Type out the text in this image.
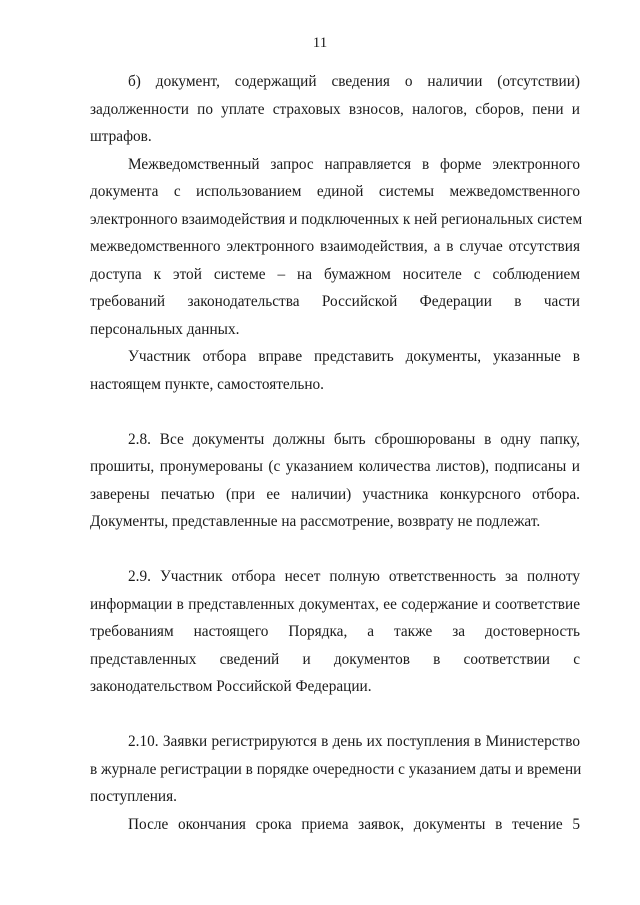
11
б) документ, содержащий сведения о наличии (отсутствии)
задолженности по уплате страховых взносов, налогов, сборов, пени и
штрафов.
Межведомственный запрос направляется в форме электронного
документа с использованием единой системы межведомственного
электронного взаимодействия и подключенных к ней региональных систем
межведомственного электронного взаимодействия, а в случае отсутствия
доступа к этой системе – на бумажном носителе с соблюдением
требований законодательства Российской Федерации в части
персональных данных.
Участник отбора вправе представить документы, указанные в
настоящем пункте, самостоятельно.
2.8. Все документы должны быть сброшюрованы в одну папку,
прошиты, пронумерованы (с указанием количества листов), подписаны и
заверены печатью (при ее наличии) участника конкурсного отбора.
Документы, представленные на рассмотрение, возврату не подлежат.
2.9. Участник отбора несет полную ответственность за полноту
информации в представленных документах, ее содержание и соответствие
требованиям настоящего Порядка, а также за достоверность
представленных сведений и документов в соответствии с
законодательством Российской Федерации.
2.10. Заявки регистрируются в день их поступления в Министерство
в журнале регистрации в порядке очередности с указанием даты и времени
поступления.
После окончания срока приема заявок, документы в течение 5
